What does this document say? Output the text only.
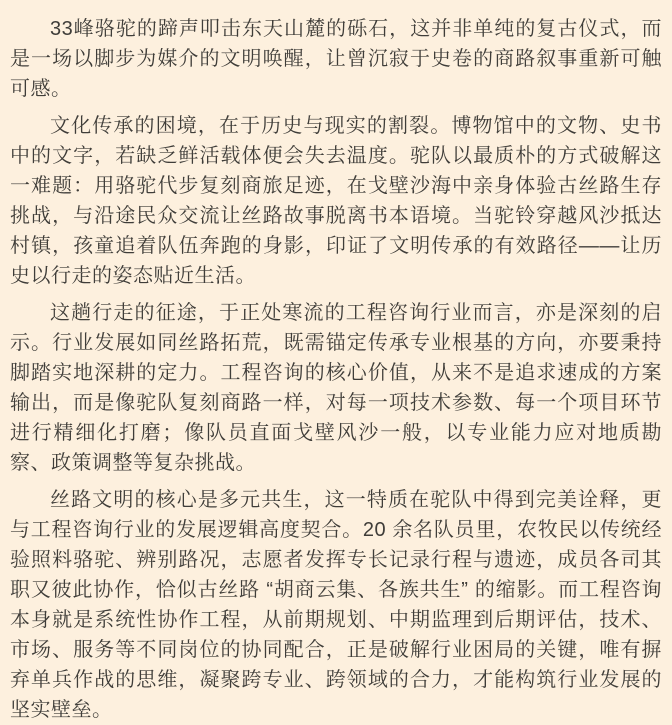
33峰骆驼的蹄声叩击东天山麓的砾石，这并非单纯的复古仪式，而是一场以脚步为媒介的文明唤醒，让曾沉寂于史卷的商路叙事重新可触可感。

文化传承的困境，在于历史与现实的割裂。博物馆中的文物、史书中的文字，若缺乏鲜活载体便会失去温度。驼队以最质朴的方式破解这一难题：用骆驼代步复刻商旅足迹，在戈壁沙海中亲身体验古丝路生存挑战，与沿途民众交流让丝路故事脱离书本语境。当驼铃穿越风沙抵达村镇，孩童追着队伍奔跑的身影，印证了文明传承的有效路径——让历史以行走的姿态贴近生活。

这趟行走的征途，于正处寒流的工程咨询行业而言，亦是深刻的启示。行业发展如同丝路拓荒，既需锚定传承专业根基的方向，亦要秉持脚踏实地深耕的定力。工程咨询的核心价值，从来不是追求速成的方案输出，而是像驼队复刻商路一样，对每一项技术参数、每一个项目环节进行精细化打磨；像队员直面戈壁风沙一般，以专业能力应对地质勘察、政策调整等复杂挑战。

丝路文明的核心是多元共生，这一特质在驼队中得到完美诠释，更与工程咨询行业的发展逻辑高度契合。20 余名队员里，农牧民以传统经验照料骆驼、辨别路况，志愿者发挥专长记录行程与遗迹，成员各司其职又彼此协作，恰似古丝路 “胡商云集、各族共生” 的缩影。而工程咨询本身就是系统性协作工程，从前期规划、中期监理到后期评估，技术、市场、服务等不同岗位的协同配合，正是破解行业困局的关键，唯有摒弃单兵作战的思维，凝聚跨专业、跨领域的合力，才能构筑行业发展的坚实壁垒。
